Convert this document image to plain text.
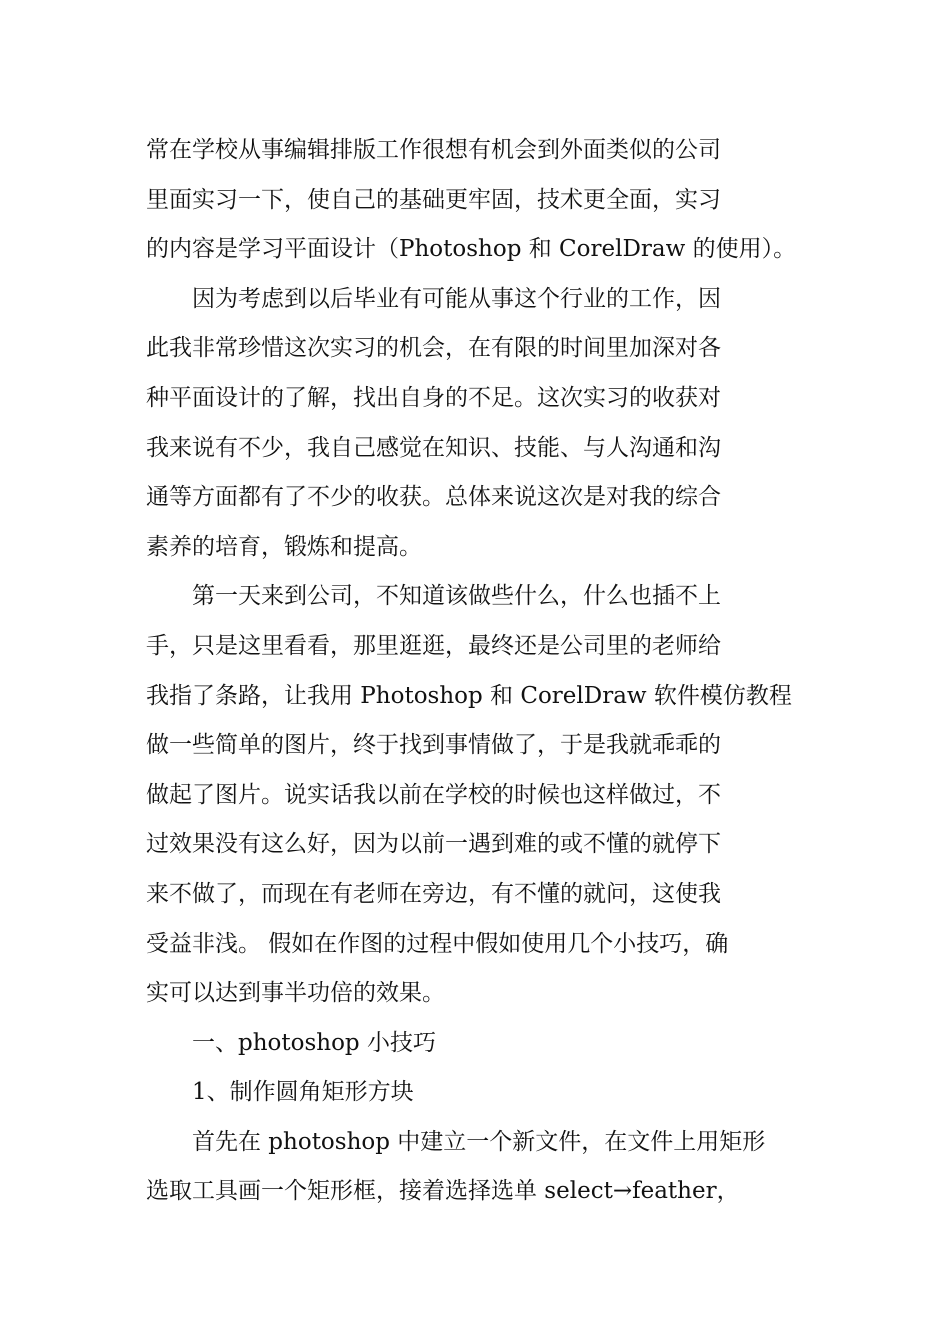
常在学校从事编辑排版工作很想有机会到外面类似的公司

里面实习一下，使自己的基础更牢固，技术更全面，实习

的内容是学习平面设计（Photoshop 和 CorelDraw 的使用）。

因为考虑到以后毕业有可能从事这个行业的工作，因

此我非常珍惜这次实习的机会，在有限的时间里加深对各

种平面设计的了解，找出自身的不足。这次实习的收获对

我来说有不少，我自己感觉在知识、技能、与人沟通和沟

通等方面都有了不少的收获。总体来说这次是对我的综合

素养的培育，锻炼和提高。

第一天来到公司，不知道该做些什么，什么也插不上

手，只是这里看看，那里逛逛，最终还是公司里的老师给

我指了条路，让我用 Photoshop 和 CorelDraw 软件模仿教程

做一些简单的图片，终于找到事情做了，于是我就乖乖的

做起了图片。说实话我以前在学校的时候也这样做过，不

过效果没有这么好，因为以前一遇到难的或不懂的就停下

来不做了，而现在有老师在旁边，有不懂的就问，这使我

受益非浅。 假如在作图的过程中假如使用几个小技巧，确

实可以达到事半功倍的效果。

一、photoshop 小技巧

1、制作圆角矩形方块

首先在 photoshop 中建立一个新文件，在文件上用矩形

选取工具画一个矩形框，接着选择选单 select→feather，
